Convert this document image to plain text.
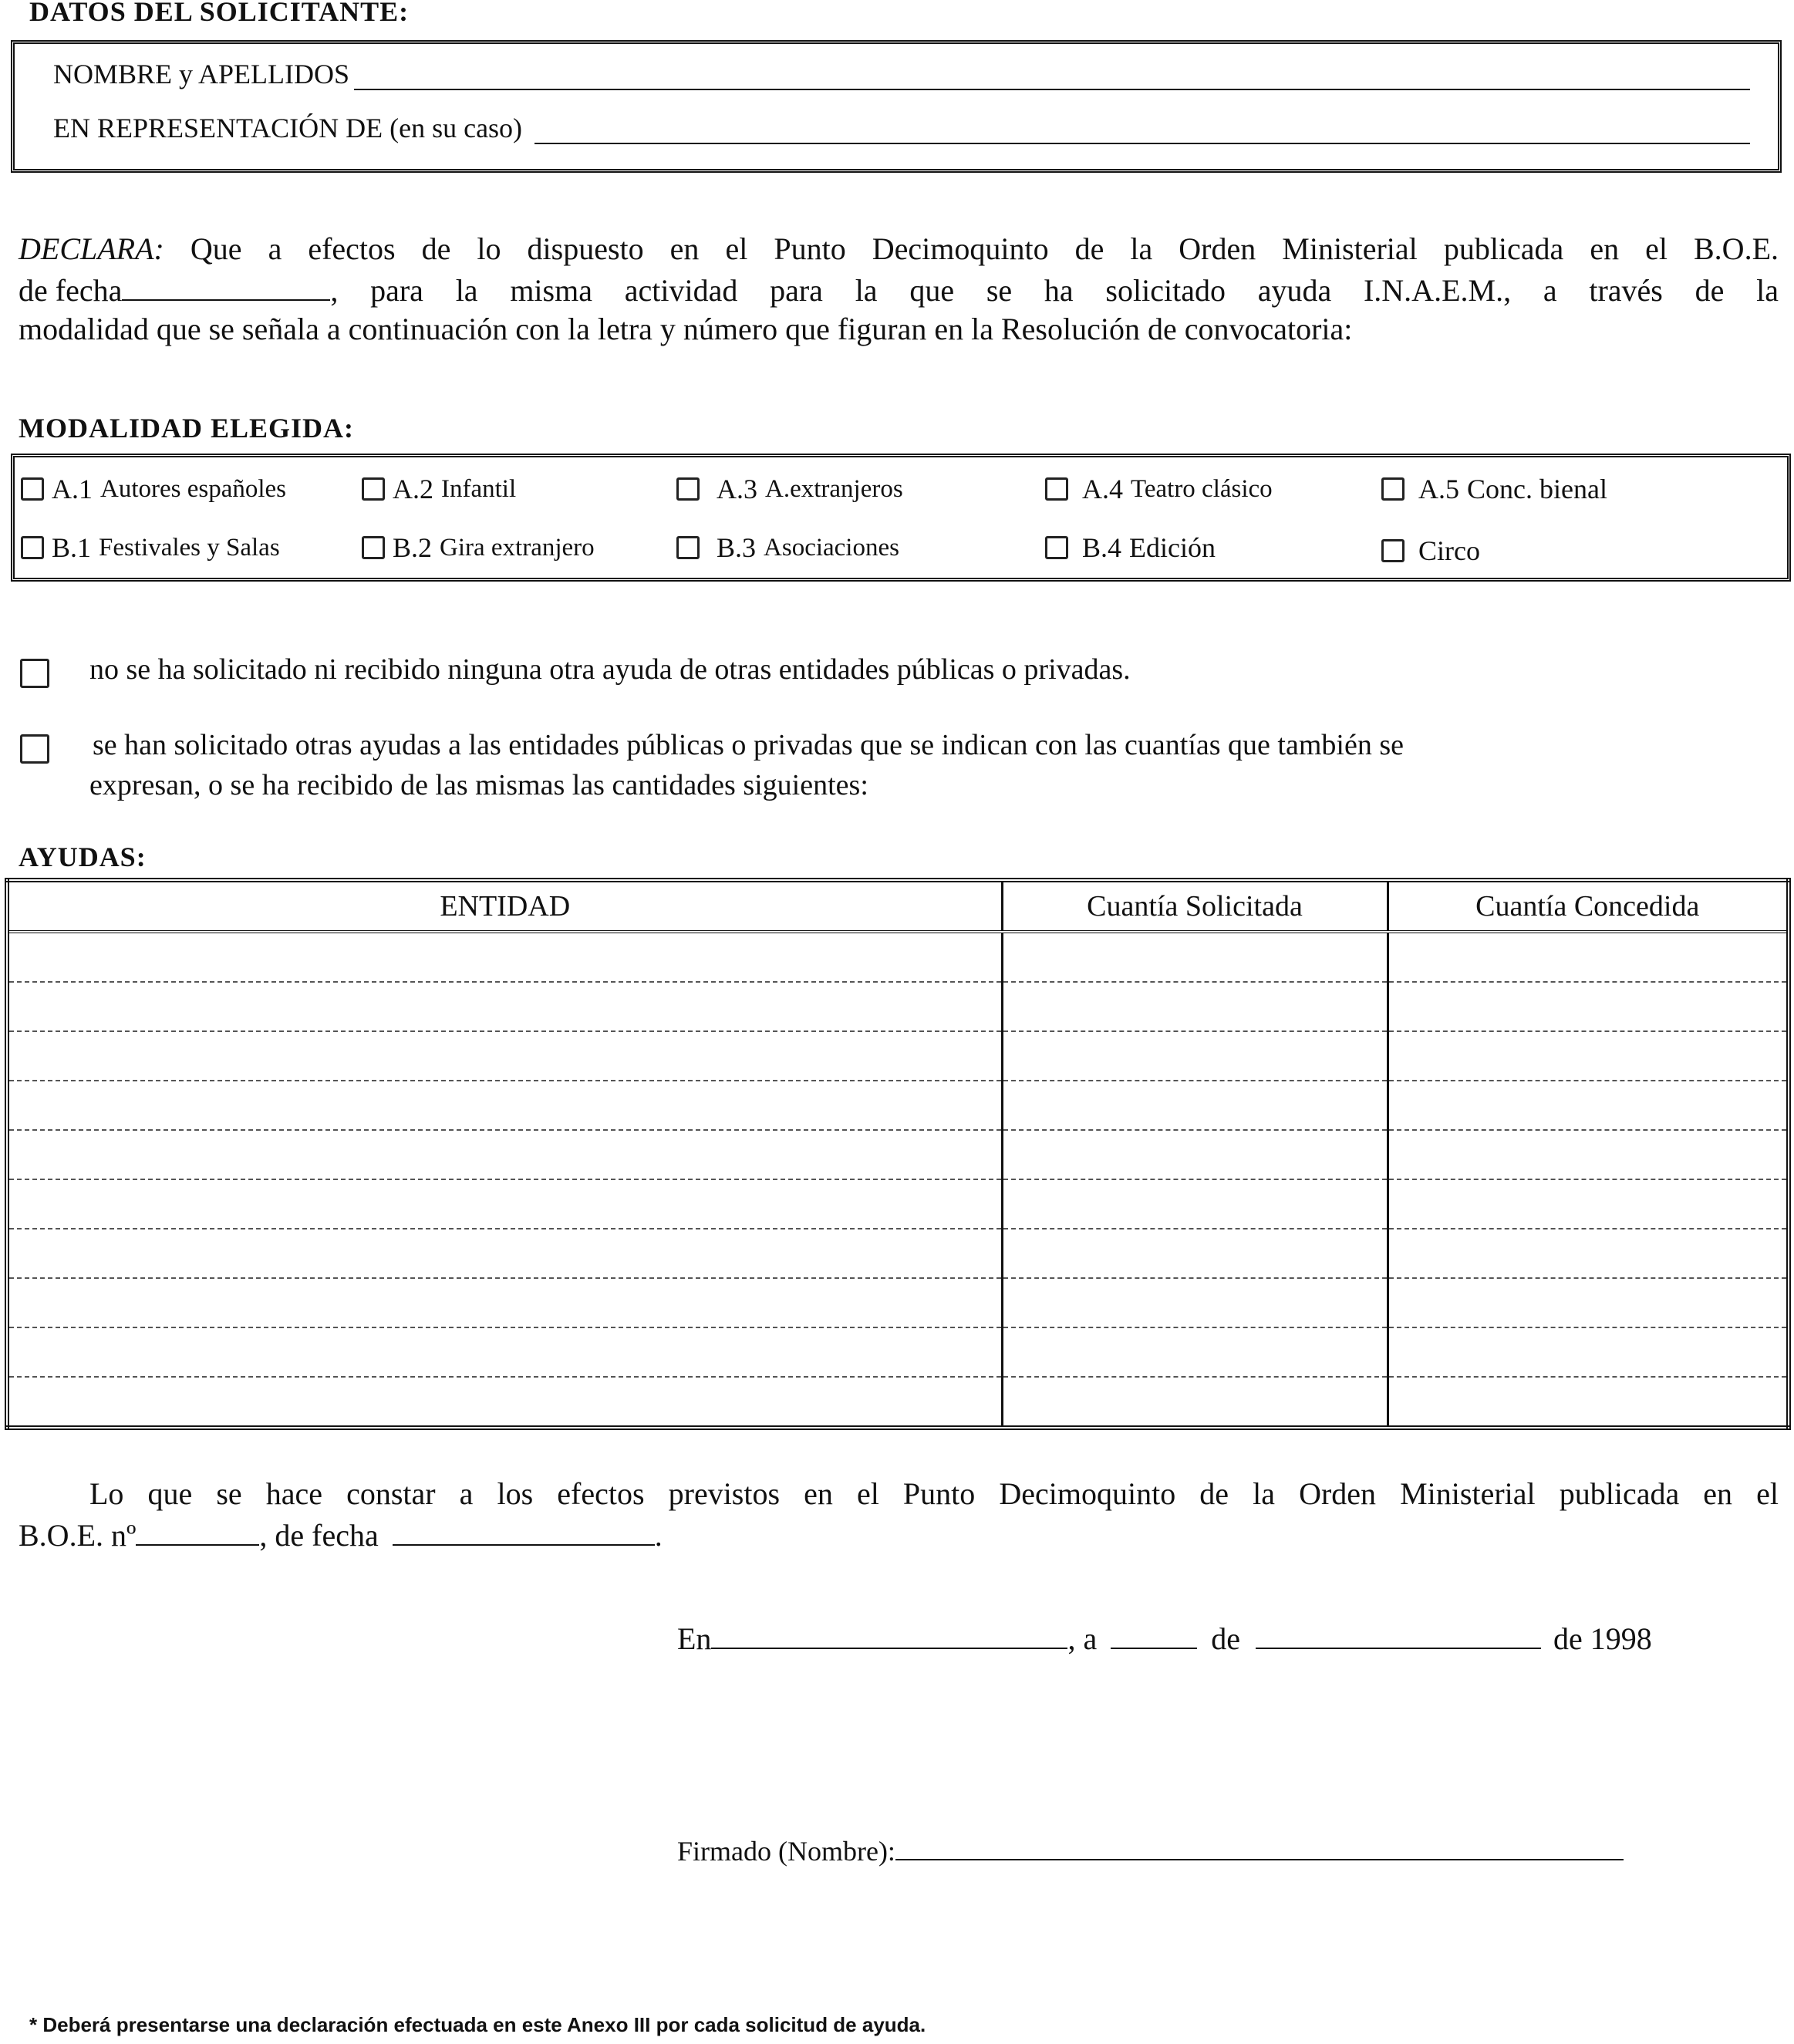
DATOS DEL SOLICITANTE:
NOMBRE y APELLIDOS
EN REPRESENTACIÓN DE (en su caso)
DECLARA: Que a efectos de lo dispuesto en el Punto Decimoquinto de la Orden Ministerial publicada en el B.O.E.
de fecha	, para la misma actividad para la que se ha solicitado ayuda I.N.A.E.M., a través de la
modalidad que se señala a continuación con la letra y número que figuran en la Resolución de convocatoria:
MODALIDAD ELEGIDA:
A.1 Autores españoles	A.2 Infantil	A.3 A.extranjeros	A.4 Teatro clásico	A.5 Conc. bienal
B.1 Festivales y Salas	B.2 Gira extranjero	B.3 Asociaciones	B.4 Edición	Circo
no se ha solicitado ni recibido ninguna otra ayuda de otras entidades públicas o privadas.
se han solicitado otras ayudas a las entidades públicas o privadas que se indican con las cuantías que también se
expresan, o se ha recibido de las mismas las cantidades siguientes:
AYUDAS:
ENTIDAD	Cuantía Solicitada	Cuantía Concedida

Lo que se hace constar a los efectos previstos en el Punto Decimoquinto de la Orden Ministerial publicada en el
B.O.E. nº	, de fecha	.
En	, a	de	de 1998
Firmado (Nombre):
* Deberá presentarse una declaración efectuada en este Anexo III por cada solicitud de ayuda.
